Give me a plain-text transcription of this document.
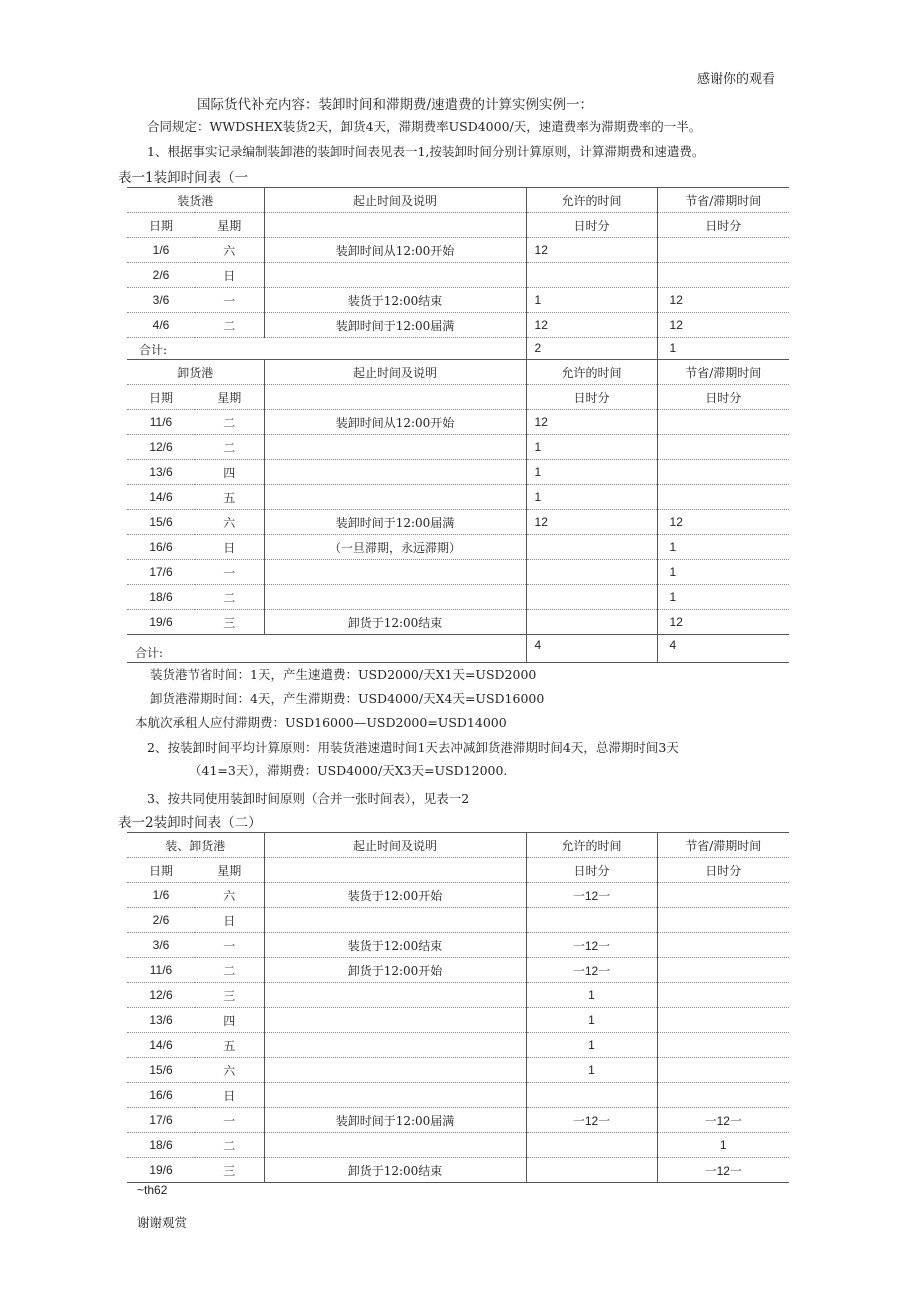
感谢你的观看
国际货代补充内容：装卸时间和滞期费/速遣费的计算实例实例一：
合同规定：WWDSHEX装货2天，卸货4天，滞期费率USD4000/天，速遣费率为滞期费率的一半。
1、根据事实记录编制装卸港的装卸时间表见表一1,按装卸时间分别计算原则，计算滞期费和速遣费。
表一1装卸时间表（一
装货港		起止时间及说明	允许的时间	节省/滞期时间
日期	星期		日时分	日时分
1/6	六	装卸时间从12:00开始	12	
2/6	日			
3/6	一	装货于12:00结束	1	12
4/6	二	装卸时间于12:00届满	12	12
合计:			2	1
卸货港		起止时间及说明	允许的时间	节省/滞期时间
日期	星期		日时分	日时分
11/6	二	装卸时间从12:00开始	12	
12/6	二		1	
13/6	四		1	
14/6	五		1	
15/6	六	装卸时间于12:00届满	12	12
16/6	日	（一旦滞期，永远滞期）		1
17/6	一			1
18/6	二			1
19/6	三	卸货于12:00结束		12
合计:			4	4
装货港节省时间：1天，产生速遣费：USD2000/天X1天=USD2000
卸货港滞期时间：4天，产生滞期费：USD4000/天X4天=USD16000
本航次承租人应付滞期费：USD16000—USD2000=USD14000
2、按装卸时间平均计算原则：用装货港速遣时间1天去冲减卸货港滞期时间4天，总滞期时间3天
（41=3天），滞期费：USD4000/天X3天=USD12000.
3、按共同使用装卸时间原则（合并一张时间表），见表一2
表一2装卸时间表（二）
装、卸货港		起止时间及说明	允许的时间	节省/滞期时间
日期	星期		日时分	日时分
1/6	六	装货于12:00开始	一12一	
2/6	日			
3/6	一	装货于12:00结束	一12一	
11/6	二	卸货于12:00开始	一12一	
12/6	三		1	
13/6	四		1	
14/6	五		1	
15/6	六		1	
16/6	日			
17/6	一	装卸时间于12:00届满	一12一	一12一
18/6	二			1
19/6	三	卸货于12:00结束		一12一
~th62
谢谢观赏
